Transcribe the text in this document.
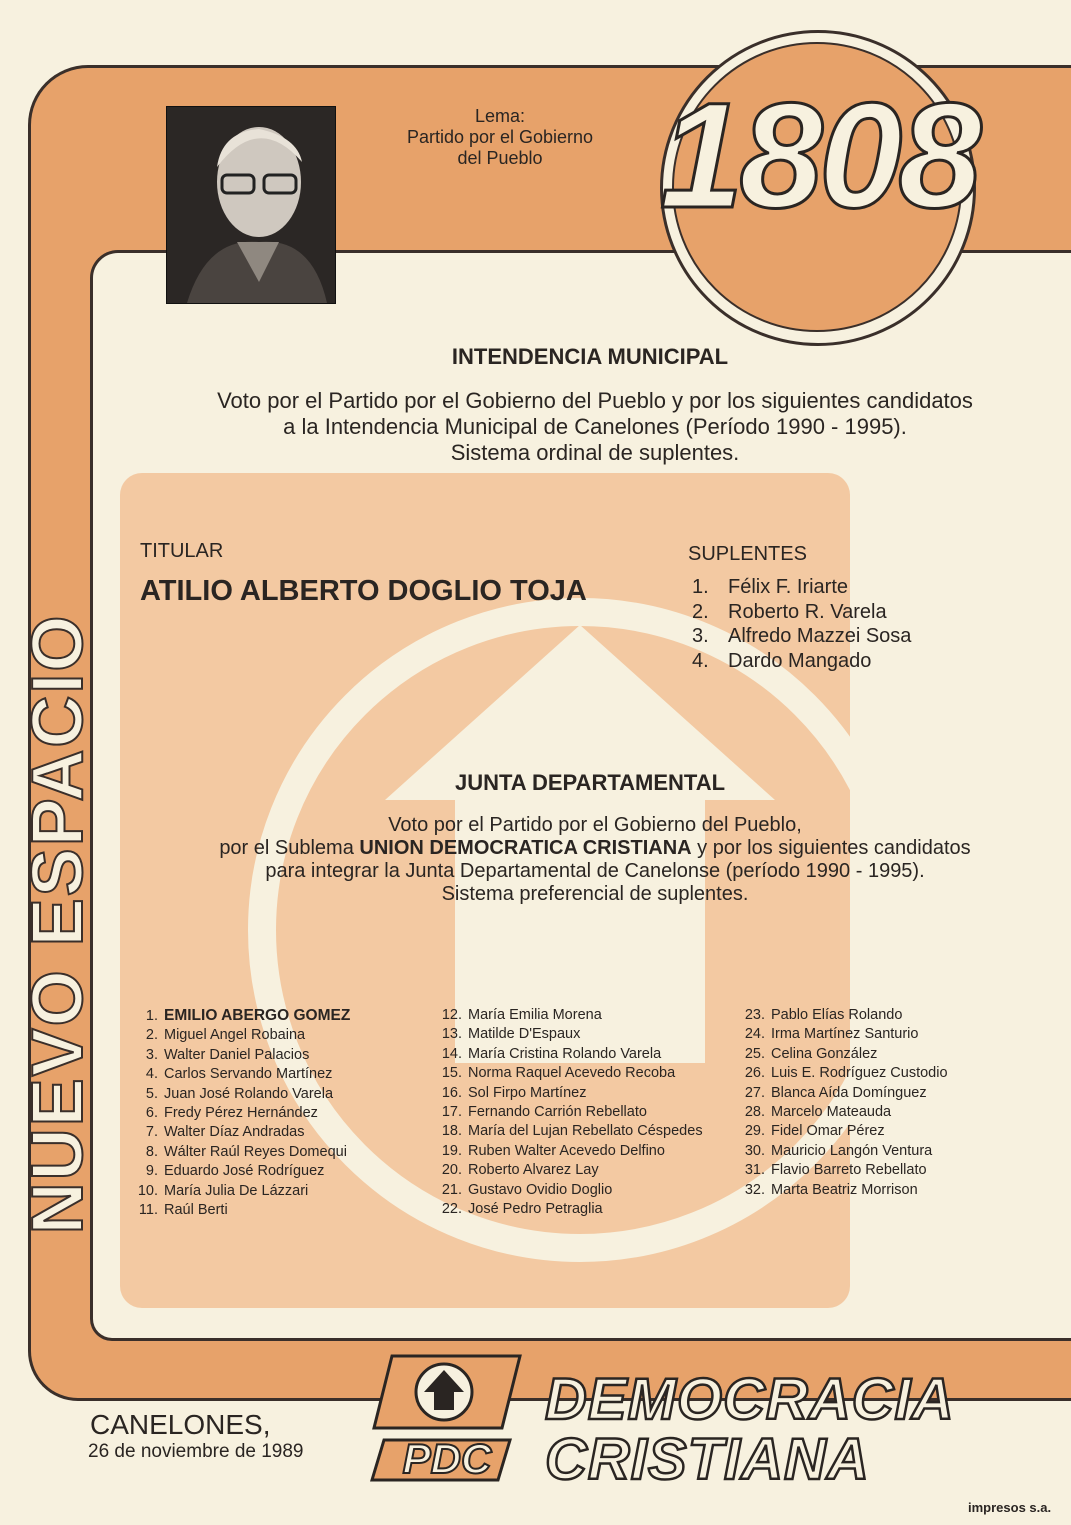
NUEVO ESPACIO
Lema:
Partido por el Gobierno
del Pueblo 1808
INTENDENCIA MUNICIPAL
Voto por el Partido por el Gobierno del Pueblo y por los siguientes candidatos
a la Intendencia Municipal de Canelones (Período 1990 - 1995).
Sistema ordinal de suplentes.
TITULAR
ATILIO ALBERTO DOGLIO TOJA
SUPLENTES
1. Félix F. Iriarte
2. Roberto R. Varela
3. Alfredo Mazzei Sosa
4. Dardo Mangado
JUNTA DEPARTAMENTAL
Voto por el Partido por el Gobierno del Pueblo,
por el Sublema UNION DEMOCRATICA CRISTIANA y por los siguientes candidatos
para integrar la Junta Departamental de Canelonse (período 1990 - 1995).
Sistema preferencial de suplentes.
1. EMILIO ABERGO GOMEZ
2. Miguel Angel Robaina
3. Walter Daniel Palacios
4. Carlos Servando Martínez
5. Juan José Rolando Varela
6. Fredy Pérez Hernández
7. Walter Díaz Andradas
8. Wálter Raúl Reyes Domequi
9. Eduardo José Rodríguez
10. María Julia De Lázzari
11. Raúl Berti
12. María Emilia Morena
13. Matilde D'Espaux
14. María Cristina Rolando Varela
15. Norma Raquel Acevedo Recoba
16. Sol Firpo Martínez
17. Fernando Carrión Rebellato
18. María del Lujan Rebellato Céspedes
19. Ruben Walter Acevedo Delfino
20. Roberto Alvarez Lay
21. Gustavo Ovidio Doglio
22. José Pedro Petraglia
23. Pablo Elías Rolando
24. Irma Martínez Santurio
25. Celina González
26. Luis E. Rodríguez Custodio
27. Blanca Aída Domínguez
28. Marcelo Mateauda
29. Fidel Omar Pérez
30. Mauricio Langón Ventura
31. Flavio Barreto Rebellato
32. Marta Beatriz Morrison
CANELONES,
26 de noviembre de 1989	PDC
DEMOCRACIA
CRISTIANA
impresos s.a.
